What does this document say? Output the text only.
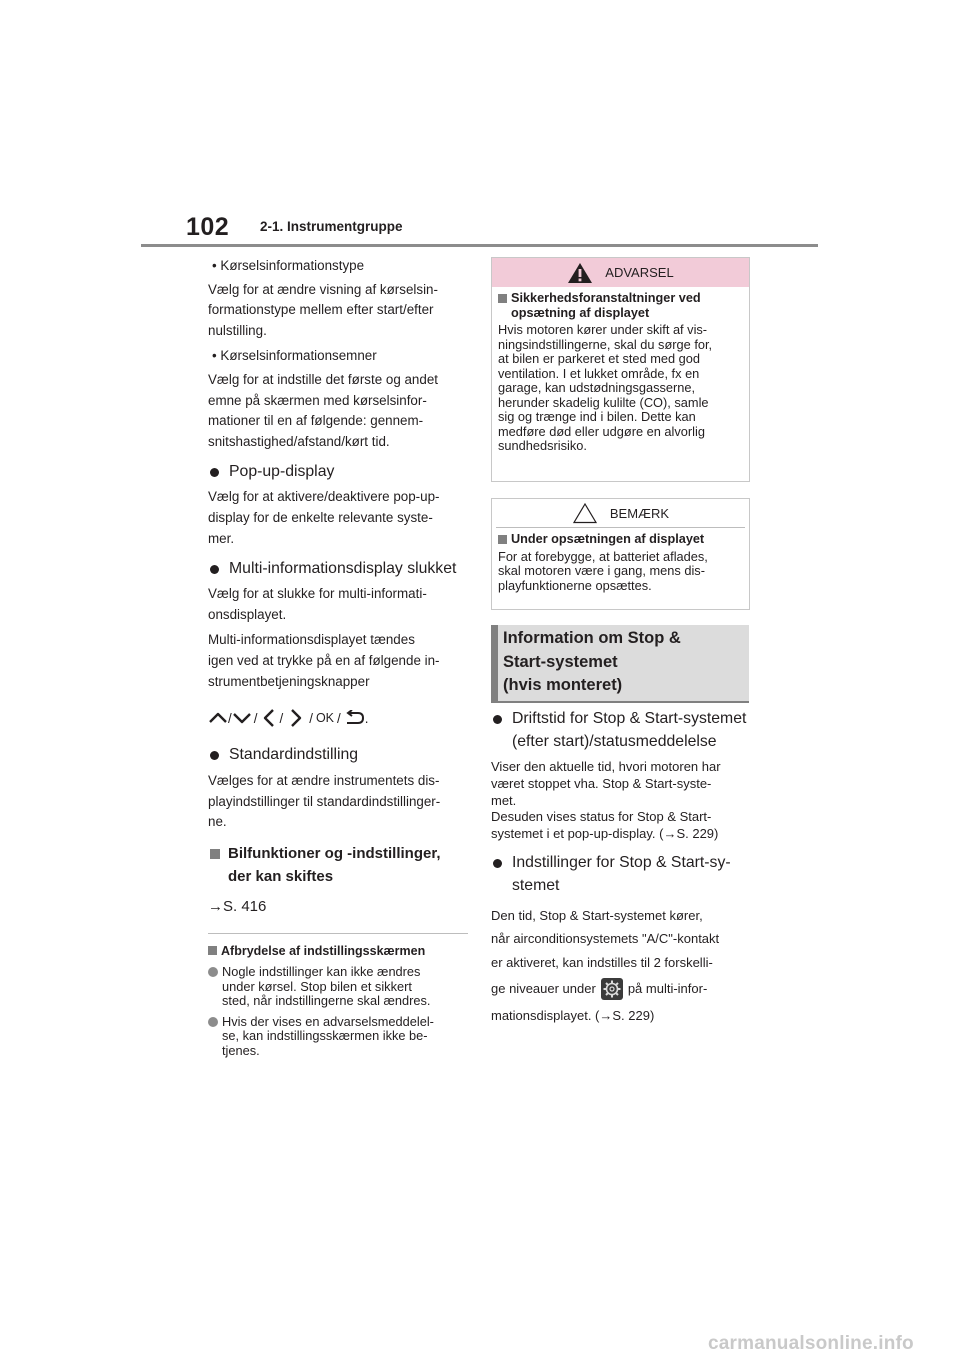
102 2-1. Instrumentgruppe

• Kørselsinformationstype

Vælg for at ændre visning af kørselsin-
formationstype mellem efter start/efter
nulstilling.

• Kørselsinformationsemner

Vælg for at indstille det første og andet
emne på skærmen med kørselsinfor-
mationer til en af følgende: gennem-
snitshastighed/afstand/kørt tid.

Pop-up-display

Vælg for at aktivere/deaktivere pop-up-
display for de enkelte relevante syste-
mer.

Multi-informationsdisplay slukket

Vælg for at slukke for multi-informati-
onsdisplayet.

Multi-informationsdisplayet tændes
igen ved at trykke på en af følgende in-
strumentbetjeningsknapper

/ / / / OK / .
Standardindstilling

Vælges for at ændre instrumentets dis-
playindstillinger til standardindstillinger-
ne.

Bilfunktioner og -indstillinger,
der kan skiftes

→S. 416

Afbrydelse af indstillingsskærmen
Nogle indstillinger kan ikke ændres
under kørsel. Stop bilen et sikkert
sted, når indstillingerne skal ændres.
Hvis der vises en advarselsmeddelel-
se, kan indstillingsskærmen ikke be-
tjenes.
ADVARSEL
Sikkerhedsforanstaltninger ved
opsætning af displayet

Hvis motoren kører under skift af vis-
ningsindstillingerne, skal du sørge for,
at bilen er parkeret et sted med god
ventilation. I et lukket område, fx en
garage, kan udstødningsgasserne,
herunder skadelig kulilte (CO), samle
sig og trænge ind i bilen. Dette kan
medføre død eller udgøre en alvorlig
sundhedsrisiko.

BEMÆRK
Under opsætningen af displayet

For at forebygge, at batteriet aflades,
skal motoren være i gang, mens dis-
playfunktionerne opsættes.

Information om Stop &
Start-systemet
(hvis monteret)
Driftstid for Stop & Start-systemet
(efter start)/statusmeddelelse

Viser den aktuelle tid, hvori motoren har
været stoppet vha. Stop & Start-syste-
met.
Desuden vises status for Stop & Start-
systemet i et pop-up-display. (→S. 229)

Indstillinger for Stop & Start-sy-
stemet

Den tid, Stop & Start-systemet kører,
når airconditionsystemets "A/C"-kontakt
er aktiveret, kan indstilles til 2 forskelli-
ge niveauer under på multi-infor-
mationsdisplayet. (→S. 229)

carmanualsonline.info
